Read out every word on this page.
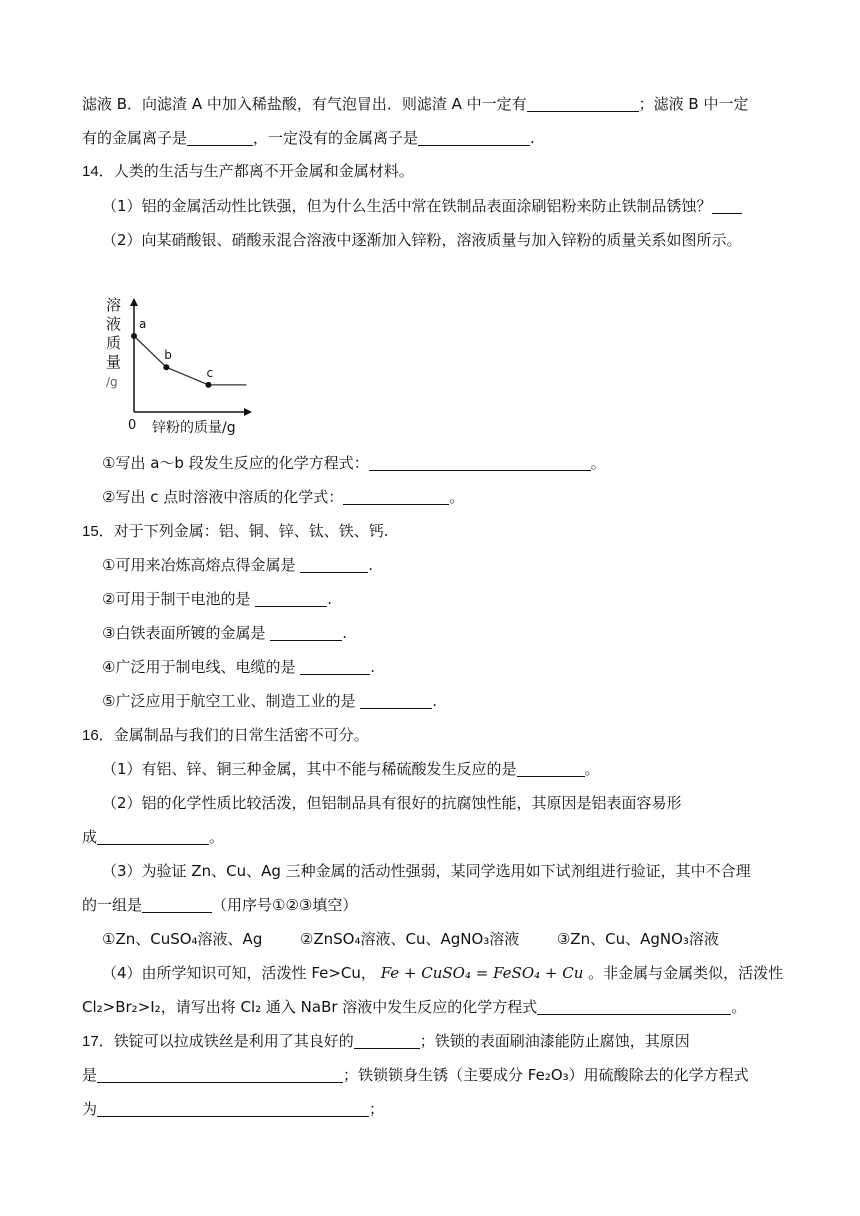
滤液 B．向滤渣 A 中加入稀盐酸，有气泡冒出．则滤渣 A 中一定有	；滤液 B 中一定
有的金属离子是	，一定没有的金属离子是	.
14．人类的生活与生产都离不开金属和金属材料。
（1）铝的金属活动性比铁强，但为什么生活中常在铁制品表面涂刷铝粉来防止铁制品锈蚀？
（2）向某硝酸银、硝酸汞混合溶液中逐渐加入锌粉，溶液质量与加入锌粉的质量关系如图所示。
溶
液
质
量
/g
a
b
c
0 锌粉的质量/g
①写出 a～b 段发生反应的化学方程式：	。
②写出 c 点时溶液中溶质的化学式：	。
15．对于下列金属：铝、铜、锌、钛、铁、钙.
①可用来冶炼高熔点得金属是	.
②可用于制干电池的是	.
③白铁表面所镀的金属是	.
④广泛用于制电线、电缆的是	.
⑤广泛应用于航空工业、制造工业的是	.
16．金属制品与我们的日常生活密不可分。
（1）有铝、锌、铜三种金属，其中不能与稀硫酸发生反应的是	。
（2）铝的化学性质比较活泼，但铝制品具有很好的抗腐蚀性能，其原因是铝表面容易形
成	。
（3）为验证 Zn、Cu、Ag 三种金属的活动性强弱，某同学选用如下试剂组进行验证，其中不合理
的一组是	（用序号①②③填空）
①Zn、CuSO₄溶液、Ag	②ZnSO₄溶液、Cu、AgNO₃溶液	③Zn、Cu、AgNO₃溶液
（4）由所学知识可知，活泼性 Fe>Cu， Fe + CuSO₄ = FeSO₄ + Cu 。非金属与金属类似，活泼性
Cl₂>Br₂>I₂，请写出将 Cl₂ 通入 NaBr 溶液中发生反应的化学方程式	。
17．铁锭可以拉成铁丝是利用了其良好的	；铁锁的表面刷油漆能防止腐蚀，其原因
是	；铁锁锁身生锈（主要成分 Fe₂O₃）用硫酸除去的化学方程式
为	；
